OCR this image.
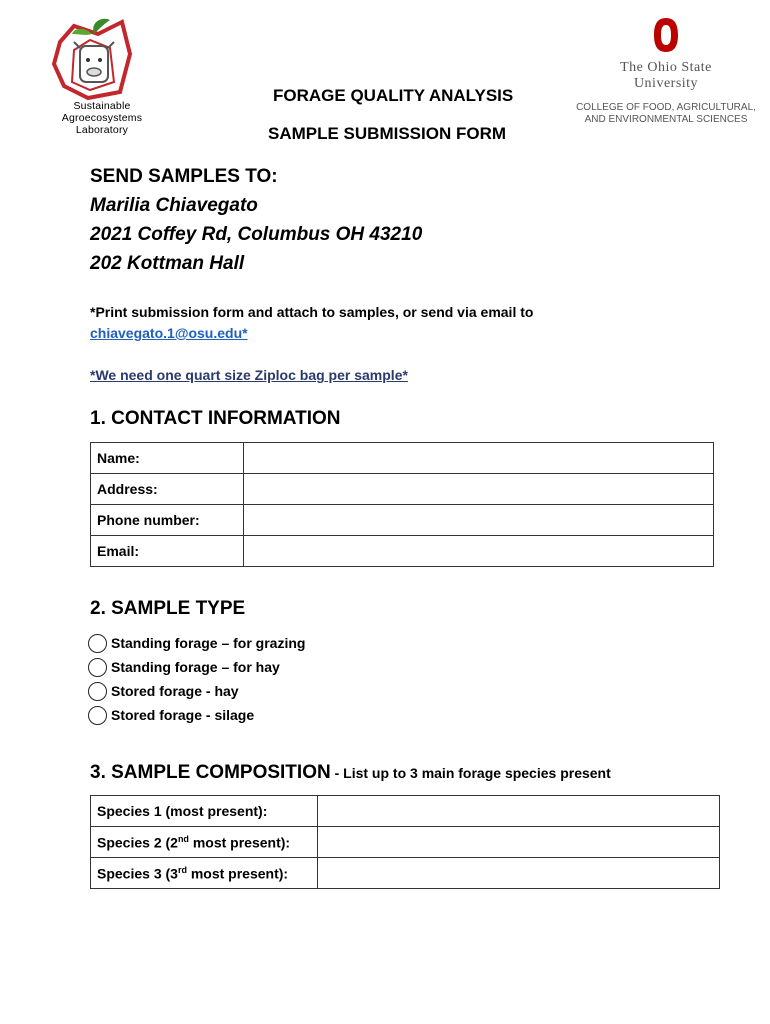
Sustainable
Agroecosystems
Laboratory
The Ohio State
University
COLLEGE OF FOOD, AGRICULTURAL,
AND ENVIRONMENTAL SCIENCES
FORAGE QUALITY ANALYSIS
SAMPLE SUBMISSION FORM
SEND SAMPLES TO:
Marilia Chiavegato
2021 Coffey Rd, Columbus OH 43210
202 Kottman Hall
*Print submission form and attach to samples, or send via email to
chiavegato.1@osu.edu*
*We need one quart size Ziploc bag per sample*
1. CONTACT INFORMATION
Name:	
Address:	
Phone number:	
Email:	
2. SAMPLE TYPE
Standing forage – for grazing
Standing forage – for hay
Stored forage - hay
Stored forage - silage
3. SAMPLE COMPOSITION - List up to 3 main forage species present
Species 1 (most present):	
Species 2 (2nd most present):	
Species 3 (3rd most present):	
